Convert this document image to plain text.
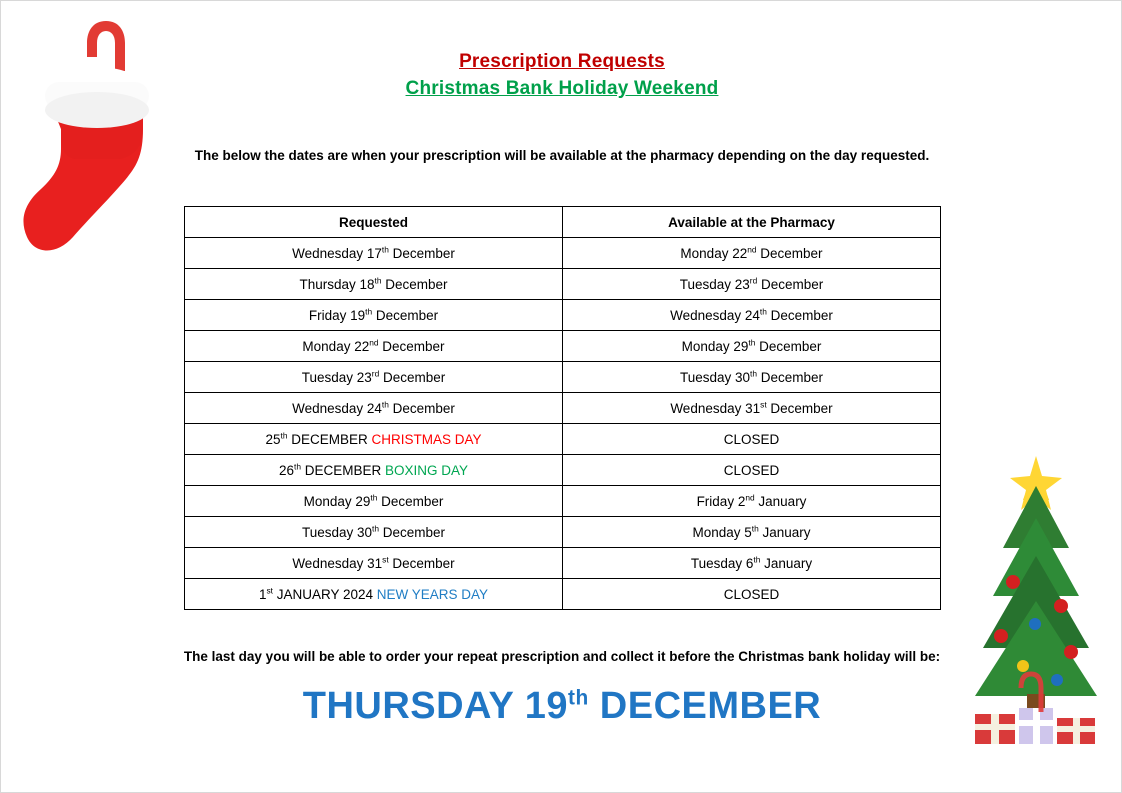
Prescription Requests
Christmas Bank Holiday Weekend
The below the dates are when your prescription will be available at the pharmacy depending on the day requested.
Requested	Available at the Pharmacy
Wednesday 17th December	Monday 22nd December
Thursday 18th December	Tuesday 23rd December
Friday 19th December	Wednesday 24th December
Monday 22nd December	Monday 29th December
Tuesday 23rd December	Tuesday 30th December
Wednesday 24th December	Wednesday 31st December
25th DECEMBER CHRISTMAS DAY	CLOSED
26th DECEMBER BOXING DAY	CLOSED
Monday 29th December	Friday 2nd January
Tuesday 30th December	Monday 5th January
Wednesday 31st December	Tuesday 6th January
1st JANUARY 2024 NEW YEARS DAY	CLOSED
The last day you will be able to order your repeat prescription and collect it before the Christmas bank holiday will be:
THURSDAY 19th DECEMBER
